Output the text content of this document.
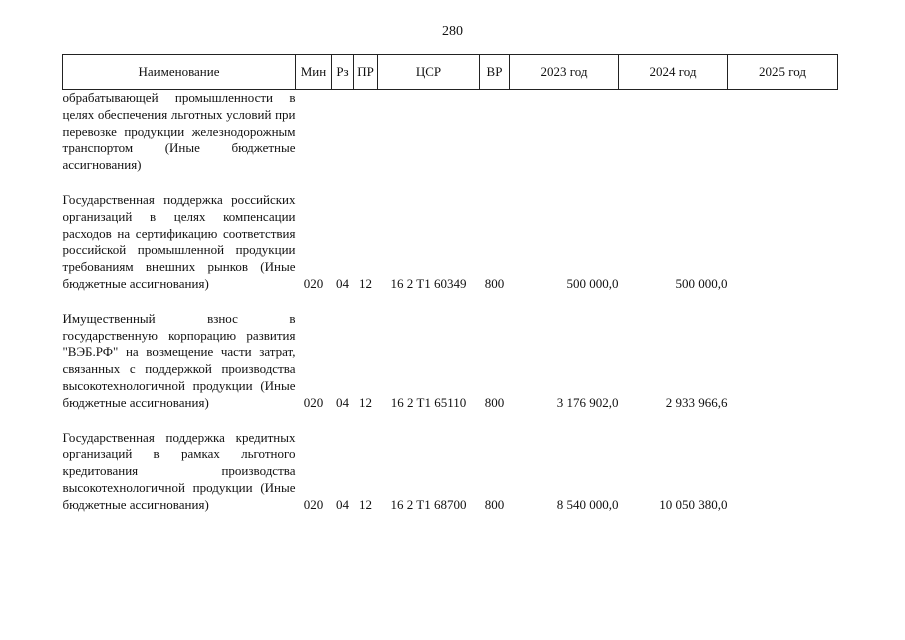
280
Наименование	Мин	Рз	ПР	ЦСР	ВР	2023 год	2024 год	2025 год
обрабатывающей промышленности в целях обеспечения льготных условий при перевозке продукции железнодорожным транспортом (Иные бюджетные ассигнования)								

Государственная поддержка российских организаций в целях компенсации расходов на сертификацию соответствия российской промышленной продукции требованиям внешних рынков (Иные бюджетные ассигнования)	020	04	12	16 2 T1 60349	800	500 000,0	500 000,0	

Имущественный взнос в государственную корпорацию развития "ВЭБ.РФ" на возмещение части затрат, связанных с поддержкой производства высокотехнологичной продукции (Иные бюджетные ассигнования)	020	04	12	16 2 T1 65110	800	3 176 902,0	2 933 966,6	

Государственная поддержка кредитных организаций в рамках льготного кредитования производства высокотехнологичной продукции (Иные бюджетные ассигнования)	020	04	12	16 2 T1 68700	800	8 540 000,0	10 050 380,0	
